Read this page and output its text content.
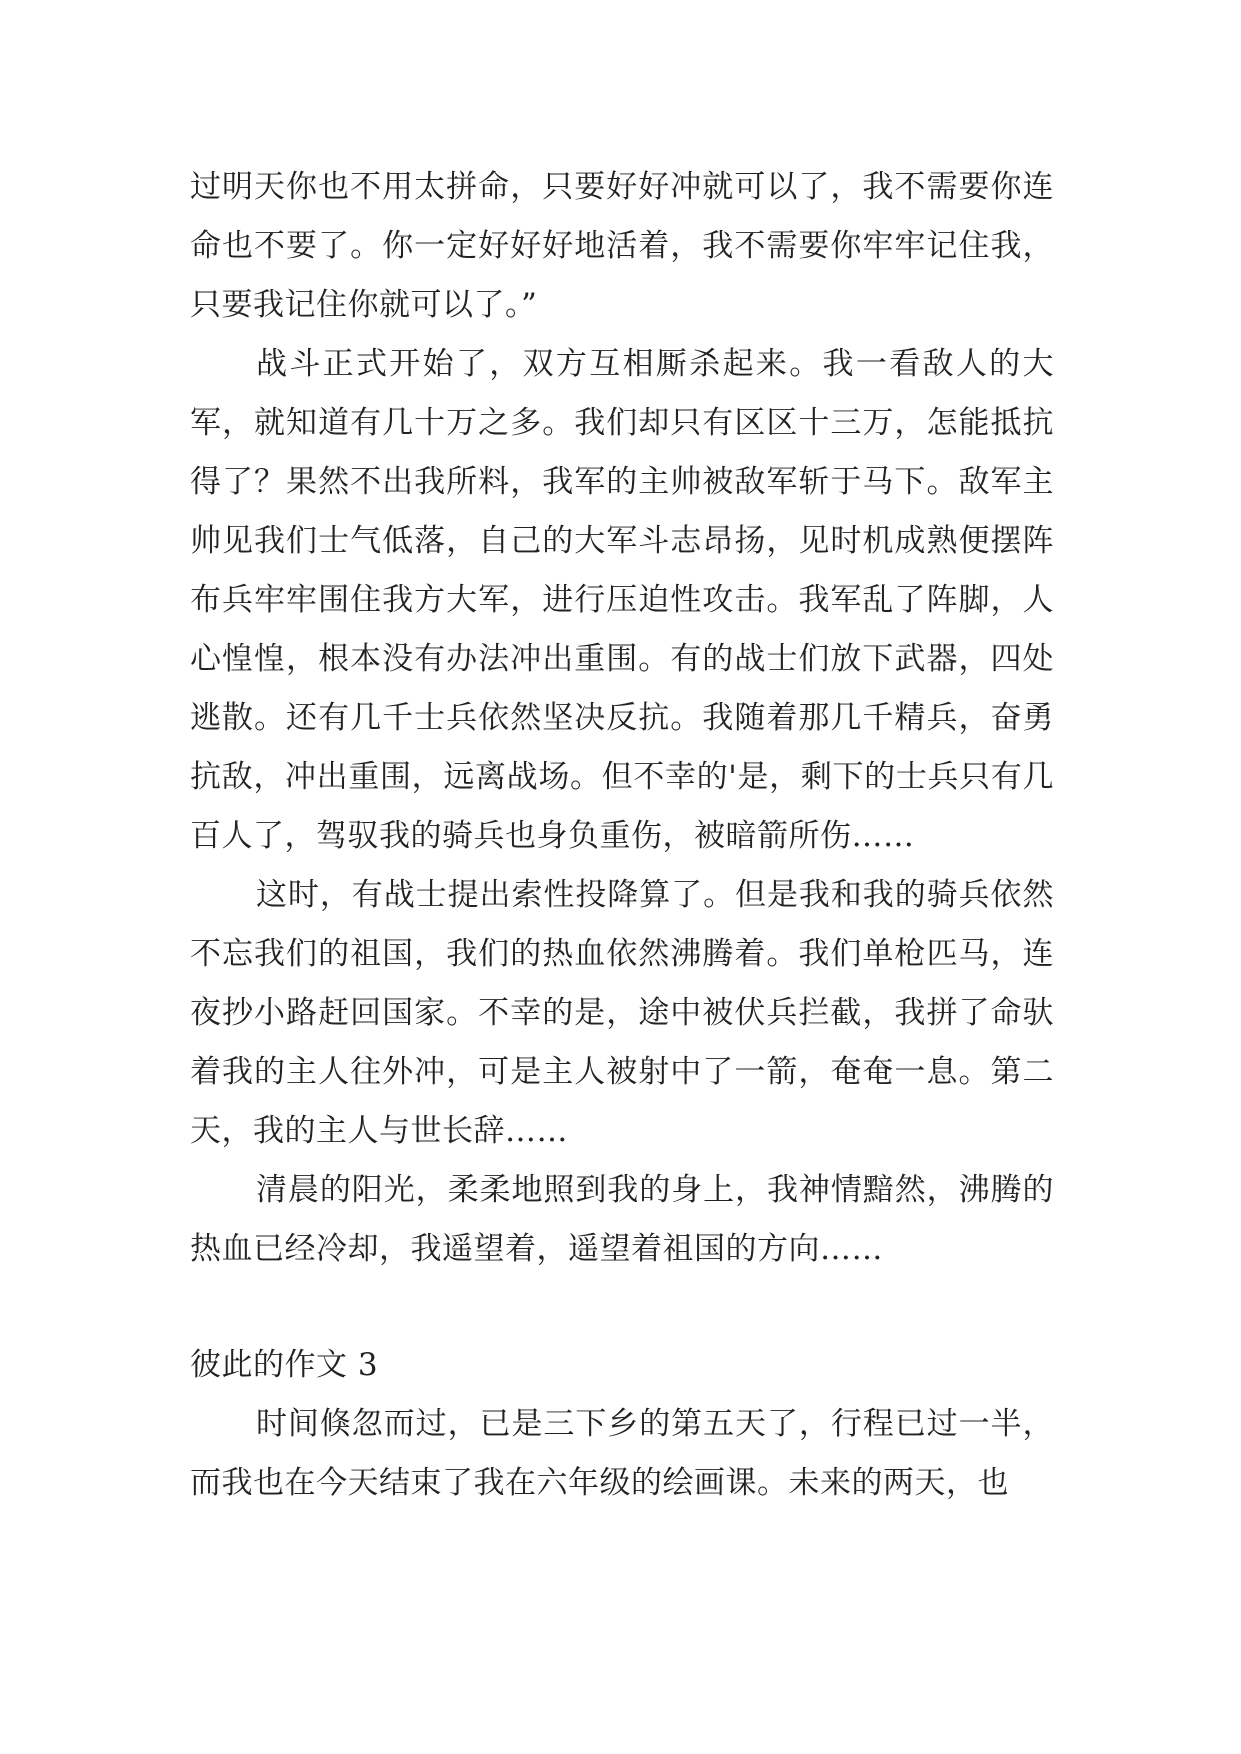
过明天你也不用太拼命，只要好好冲就可以了，我不需要你连命也不要了。你一定好好好地活着，我不需要你牢牢记住我，只要我记住你就可以了。”

战斗正式开始了，双方互相厮杀起来。我一看敌人的大军，就知道有几十万之多。我们却只有区区十三万，怎能抵抗得了？果然不出我所料，我军的主帅被敌军斩于马下。敌军主帅见我们士气低落，自己的大军斗志昂扬，见时机成熟便摆阵布兵牢牢围住我方大军，进行压迫性攻击。我军乱了阵脚，人心惶惶，根本没有办法冲出重围。有的战士们放下武器，四处逃散。还有几千士兵依然坚决反抗。我随着那几千精兵，奋勇抗敌，冲出重围，远离战场。但不幸的'是，剩下的士兵只有几百人了，驾驭我的骑兵也身负重伤，被暗箭所伤……

这时，有战士提出索性投降算了。但是我和我的骑兵依然不忘我们的祖国，我们的热血依然沸腾着。我们单枪匹马，连夜抄小路赶回国家。不幸的是，途中被伏兵拦截，我拼了命驮着我的主人往外冲，可是主人被射中了一箭，奄奄一息。第二天，我的主人与世长辞……

清晨的阳光，柔柔地照到我的身上，我神情黯然，沸腾的热血已经冷却，我遥望着，遥望着祖国的方向……

彼此的作文 3

时间倏忽而过，已是三下乡的第五天了，行程已过一半，而我也在今天结束了我在六年级的绘画课。未来的两天，也
